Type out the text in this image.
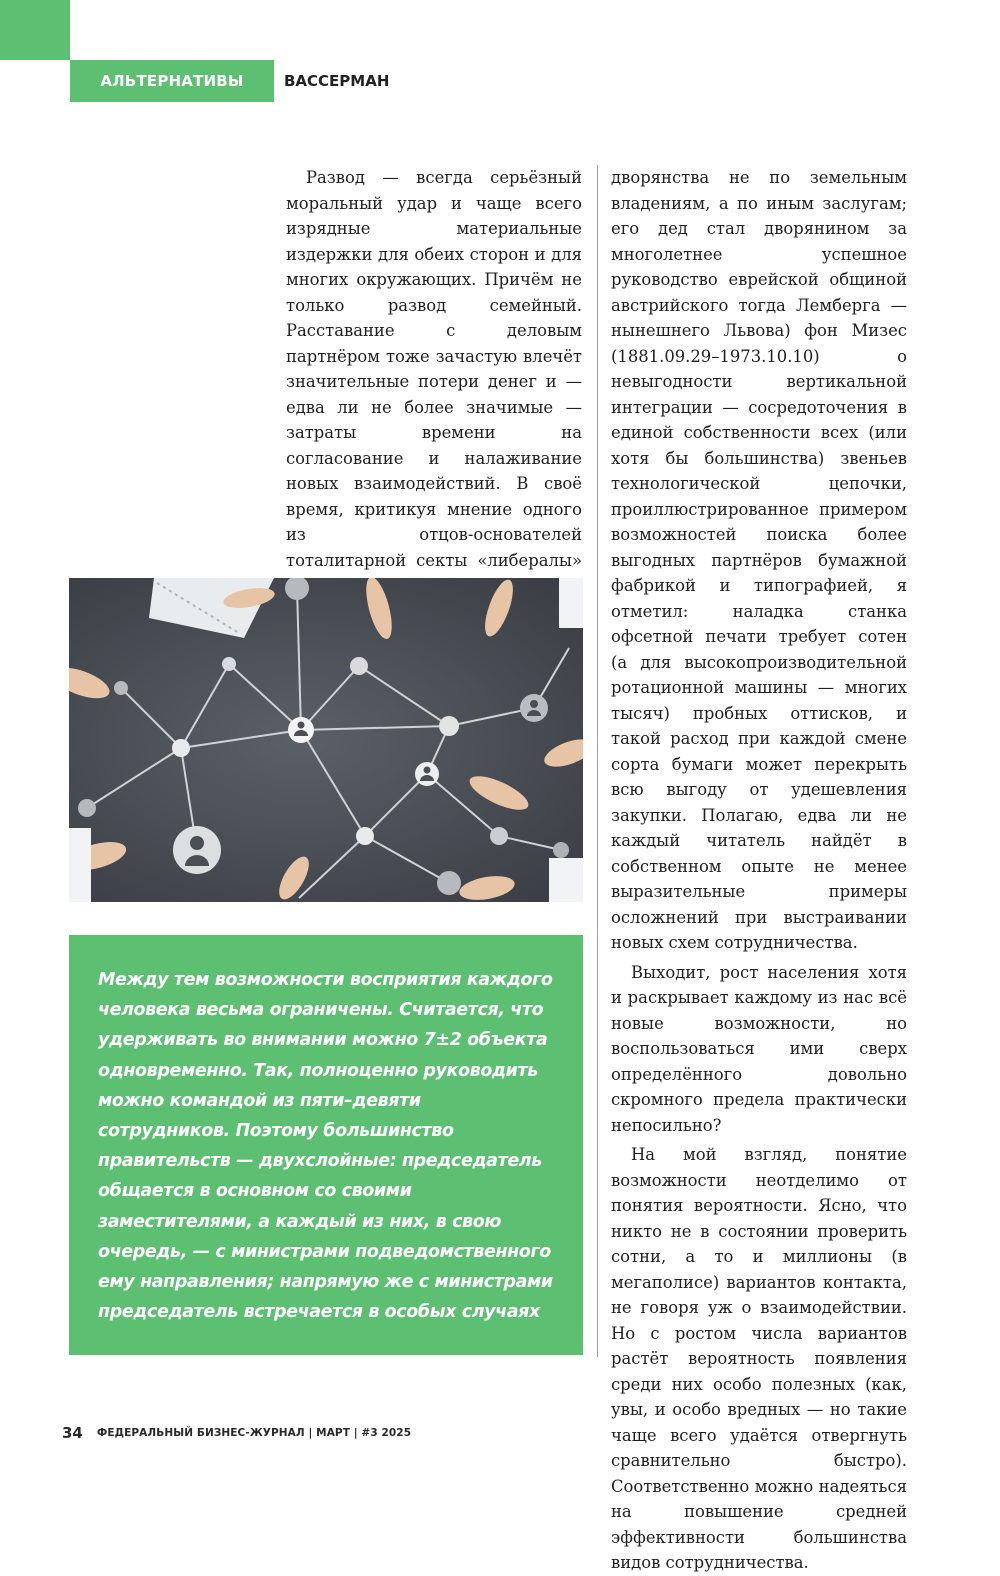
АЛЬТЕРНАТИВЫ	ВАССЕРМАН

Развод — всегда серьёзный моральный удар и чаще всего изрядные материальные издержки для обеих сторон и для многих окружающих. Причём не только развод семейный. Расставание с деловым партнёром тоже зачастую влечёт значительные потери денег и — едва ли не более значимые — затраты времени на согласование и налаживание новых взаимодействий. В своё время, критикуя мнение одного из отцов-основателей тоталитарной секты «либералы»

дворянства не по земельным владениям, а по иным заслугам; его дед стал дворянином за многолетнее успешное руководство еврейской общиной австрийского тогда Лемберга — нынешнего Львова) фон Мизес (1881.09.29–1973.10.10) о невыгодности вертикальной интеграции — сосредоточения в единой собственности всех (или хотя бы большинства) звеньев технологической цепочки, проиллюстрированное примером возможностей поиска более выгодных партнёров бумажной фабрикой и типографией, я отметил: наладка станка офсетной печати требует сотен (а для высокопроизводительной ротационной машины — многих тысяч) пробных оттисков, и такой расход при каждой смене сорта бумаги может перекрыть всю выгоду от удешевления закупки. Полагаю, едва ли не каждый читатель найдёт в собственном опыте не менее выразительные примеры осложнений при выстраивании новых схем сотрудничества.

Выходит, рост населения хотя и раскрывает каждому из нас всё новые возможности, но воспользоваться ими сверх определённого довольно скромного предела практически непосильно?

На мой взгляд, понятие возможности неотделимо от понятия вероятности. Ясно, что никто не в состоянии проверить сотни, а то и миллионы (в мегаполисе) вариантов контакта, не говоря уж о взаимодействии. Но с ростом числа вариантов растёт вероятность появления среди них особо полезных (как, увы, и особо вредных — но такие чаще всего удаётся отвергнуть сравнительно быстро). Соответственно можно надеяться на повышение средней эффективности большинства видов сотрудничества.

Между тем возможности восприятия каждого человека весьма ограничены. Считается, что удерживать во внимании можно 7±2 объекта одновременно. Так, полноценно руководить можно командой из пяти–девяти сотрудников. Поэтому большинство правительств — двухслойные: председатель общается в основном со своими заместителями, а каждый из них, в свою очередь, — с министрами подведомственного ему направления; напрямую же с министрами председатель встречается в особых случаях
34 ФЕДЕРАЛЬНЫЙ БИЗНЕС-ЖУРНАЛ | МАРТ | #3 2025
